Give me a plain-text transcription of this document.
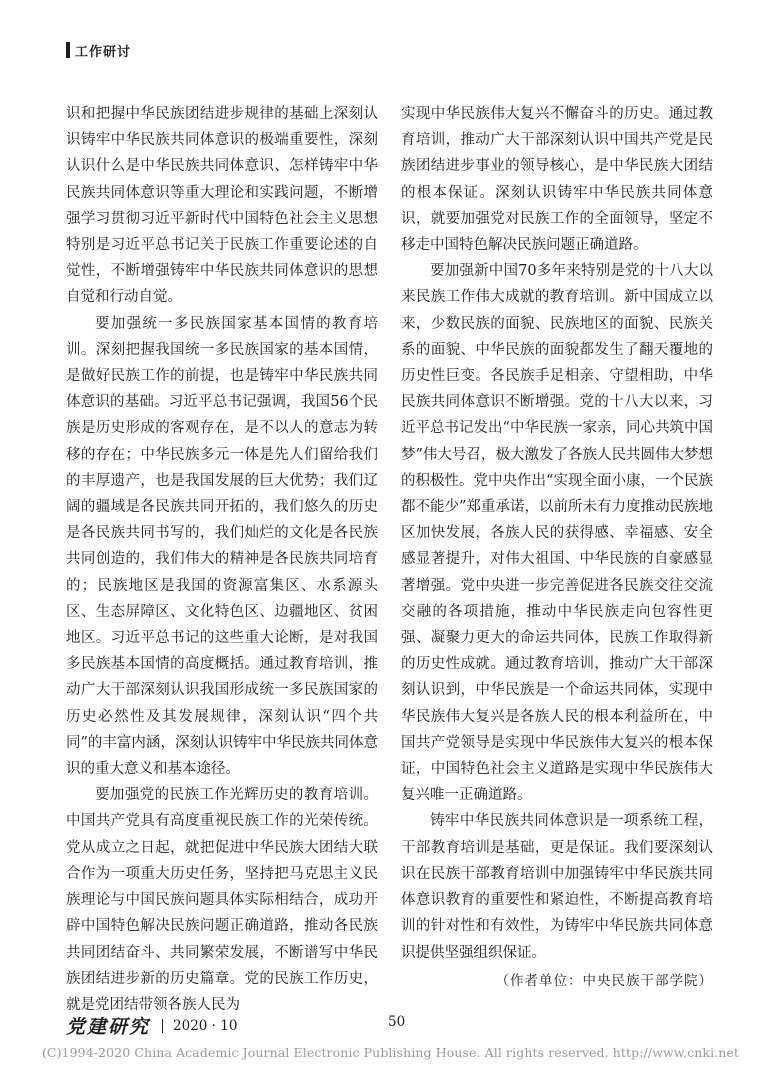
工作研讨

识和把握中华民族团结进步规律的基础上深刻认识铸牢中华民族共同体意识的极端重要性，深刻认识什么是中华民族共同体意识、怎样铸牢中华民族共同体意识等重大理论和实践问题，不断增强学习贯彻习近平新时代中国特色社会主义思想特别是习近平总书记关于民族工作重要论述的自觉性，不断增强铸牢中华民族共同体意识的思想自觉和行动自觉。

要加强统一多民族国家基本国情的教育培训。深刻把握我国统一多民族国家的基本国情，是做好民族工作的前提，也是铸牢中华民族共同体意识的基础。习近平总书记强调，我国56个民族是历史形成的客观存在，是不以人的意志为转移的存在；中华民族多元一体是先人们留给我们的丰厚遗产，也是我国发展的巨大优势；我们辽阔的疆域是各民族共同开拓的，我们悠久的历史是各民族共同书写的，我们灿烂的文化是各民族共同创造的，我们伟大的精神是各民族共同培育的；民族地区是我国的资源富集区、水系源头区、生态屏障区、文化特色区、边疆地区、贫困地区。习近平总书记的这些重大论断，是对我国多民族基本国情的高度概括。通过教育培训，推动广大干部深刻认识我国形成统一多民族国家的历史必然性及其发展规律，深刻认识“四个共同”的丰富内涵，深刻认识铸牢中华民族共同体意识的重大意义和基本途径。

要加强党的民族工作光辉历史的教育培训。中国共产党具有高度重视民族工作的光荣传统。党从成立之日起，就把促进中华民族大团结大联合作为一项重大历史任务，坚持把马克思主义民族理论与中国民族问题具体实际相结合，成功开辟中国特色解决民族问题正确道路，推动各民族共同团结奋斗、共同繁荣发展，不断谱写中华民族团结进步新的历史篇章。党的民族工作历史，就是党团结带领各族人民为

实现中华民族伟大复兴不懈奋斗的历史。通过教育培训，推动广大干部深刻认识中国共产党是民族团结进步事业的领导核心，是中华民族大团结的根本保证。深刻认识铸牢中华民族共同体意识，就要加强党对民族工作的全面领导，坚定不移走中国特色解决民族问题正确道路。

要加强新中国70多年来特别是党的十八大以来民族工作伟大成就的教育培训。新中国成立以来，少数民族的面貌、民族地区的面貌、民族关系的面貌、中华民族的面貌都发生了翻天覆地的历史性巨变。各民族手足相亲、守望相助，中华民族共同体意识不断增强。党的十八大以来，习近平总书记发出“中华民族一家亲，同心共筑中国梦”伟大号召，极大激发了各族人民共圆伟大梦想的积极性。党中央作出“实现全面小康，一个民族都不能少”郑重承诺，以前所未有力度推动民族地区加快发展，各族人民的获得感、幸福感、安全感显著提升，对伟大祖国、中华民族的自豪感显著增强。党中央进一步完善促进各民族交往交流交融的各项措施，推动中华民族走向包容性更强、凝聚力更大的命运共同体，民族工作取得新的历史性成就。通过教育培训，推动广大干部深刻认识到，中华民族是一个命运共同体，实现中华民族伟大复兴是各族人民的根本利益所在，中国共产党领导是实现中华民族伟大复兴的根本保证，中国特色社会主义道路是实现中华民族伟大复兴唯一正确道路。

铸牢中华民族共同体意识是一项系统工程，干部教育培训是基础，更是保证。我们要深刻认识在民族干部教育培训中加强铸牢中华民族共同体意识教育的重要性和紧迫性，不断提高教育培训的针对性和有效性，为铸牢中华民族共同体意识提供坚强组织保证。

（作者单位：中央民族干部学院）
党建研究 2020 · 10	50
(C)1994-2020 China Academic Journal Electronic Publishing House. All rights reserved. http://www.cnki.net
